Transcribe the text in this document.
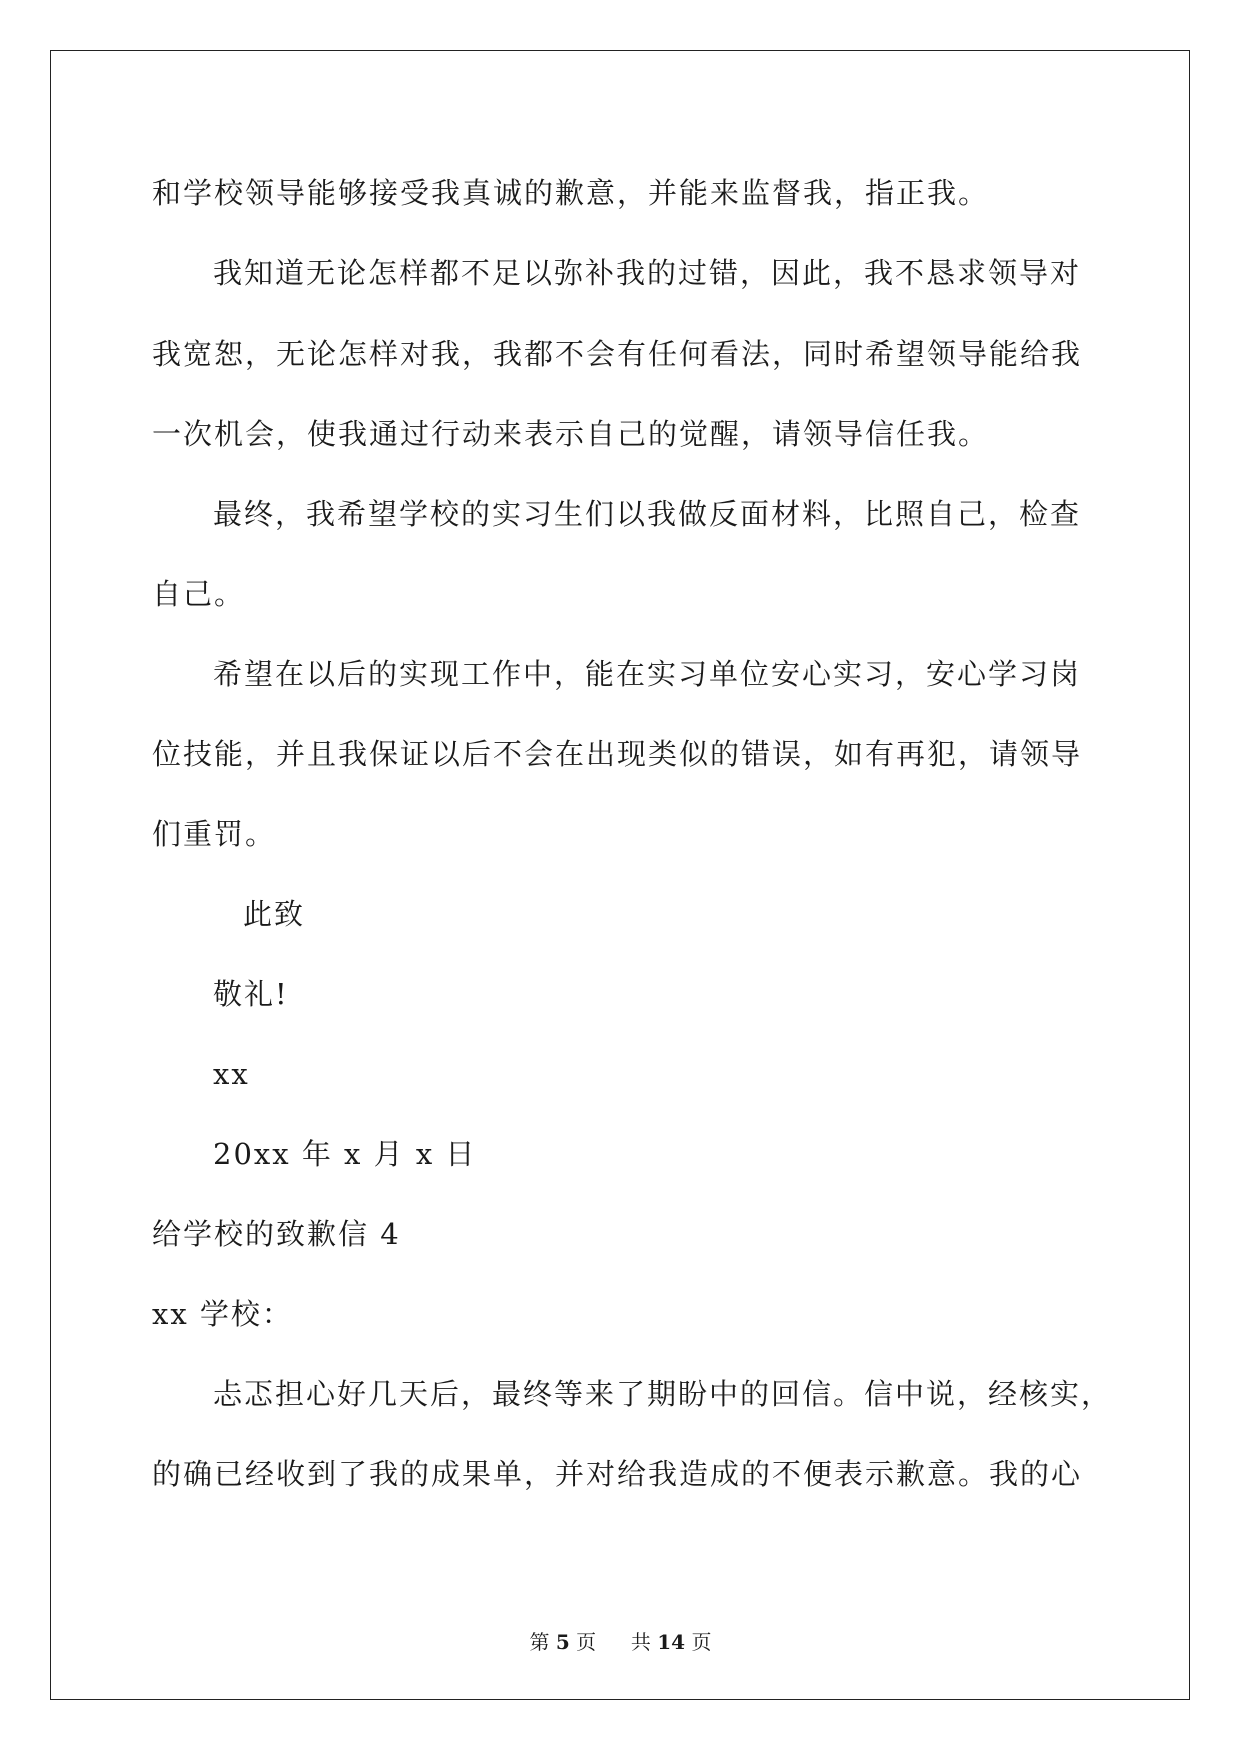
和学校领导能够接受我真诚的歉意，并能来监督我，指正我。
我知道无论怎样都不足以弥补我的过错，因此，我不恳求领导对
我宽恕，无论怎样对我，我都不会有任何看法，同时希望领导能给我
一次机会，使我通过行动来表示自己的觉醒，请领导信任我。
最终，我希望学校的实习生们以我做反面材料，比照自己，检查
自己。
希望在以后的实现工作中，能在实习单位安心实习，安心学习岗
位技能，并且我保证以后不会在出现类似的错误，如有再犯，请领导
们重罚。
此致
敬礼!
xx
20xx 年 x 月 x 日
给学校的致歉信 4
xx 学校：
忐忑担心好几天后，最终等来了期盼中的回信。信中说，经核实，
的确已经收到了我的成果单，并对给我造成的不便表示歉意。我的心
第 5 页 共 14 页
